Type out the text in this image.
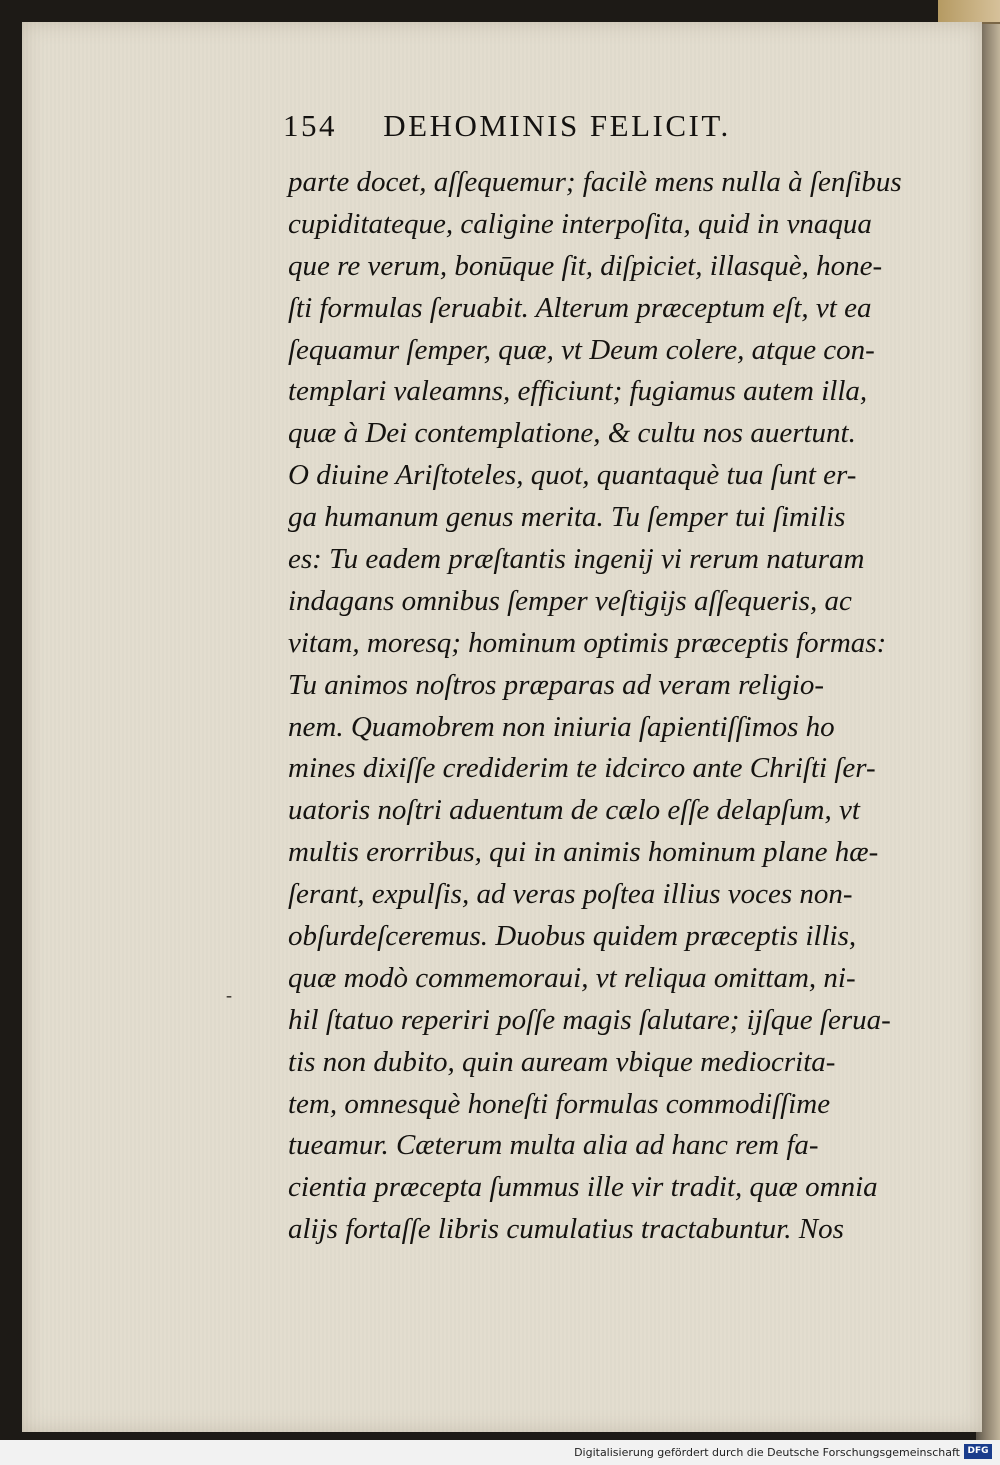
154 DEHOMINIS FELICIT.
-
parte docet, aſſequemur; facilè mens nulla à ſenſibus
cupiditateque, caligine interpoſita, quid in vnaqua
que re verum, bonūque ſit, diſpiciet, illasquè, hone-
ſti formulas ſeruabit. Alterum præceptum eſt, vt ea
ſequamur ſemper, quæ, vt Deum colere, atque con-
templari valeamns, efficiunt; fugiamus autem illa,
quæ à Dei contemplatione, & cultu nos auertunt.
O diuine Ariſtoteles, quot, quantaquè tua ſunt er-
ga humanum genus merita. Tu ſemper tui ſimilis
es: Tu eadem præſtantis ingenij vi rerum naturam
indagans omnibus ſemper veſtigijs aſſequeris, ac
vitam, moresq; hominum optimis præceptis formas:
Tu animos noſtros præparas ad veram religio-
nem. Quamobrem non iniuria ſapientiſſimos ho
mines dixiſſe crediderim te idcirco ante Chriſti ſer-
uatoris noſtri aduentum de cælo eſſe delapſum, vt
multis erorribus, qui in animis hominum plane hæ-
ſerant, expulſis, ad veras poſtea illius voces non-
obſurdeſceremus. Duobus quidem præceptis illis,
quæ modò commemoraui, vt reliqua omittam, ni-
hil ſtatuo reperiri poſſe magis ſalutare; ijſque ſerua-
tis non dubito, quin auream vbique mediocrita-
tem, omnesquè honeſti formulas commodiſſime
tueamur. Cæterum multa alia ad hanc rem fa-
cientia præcepta ſummus ille vir tradit, quæ omnia
alijs fortaſſe libris cumulatius tractabuntur. Nos
Digitalisierung gefördert durch die Deutsche Forschungsgemeinschaft DFG
